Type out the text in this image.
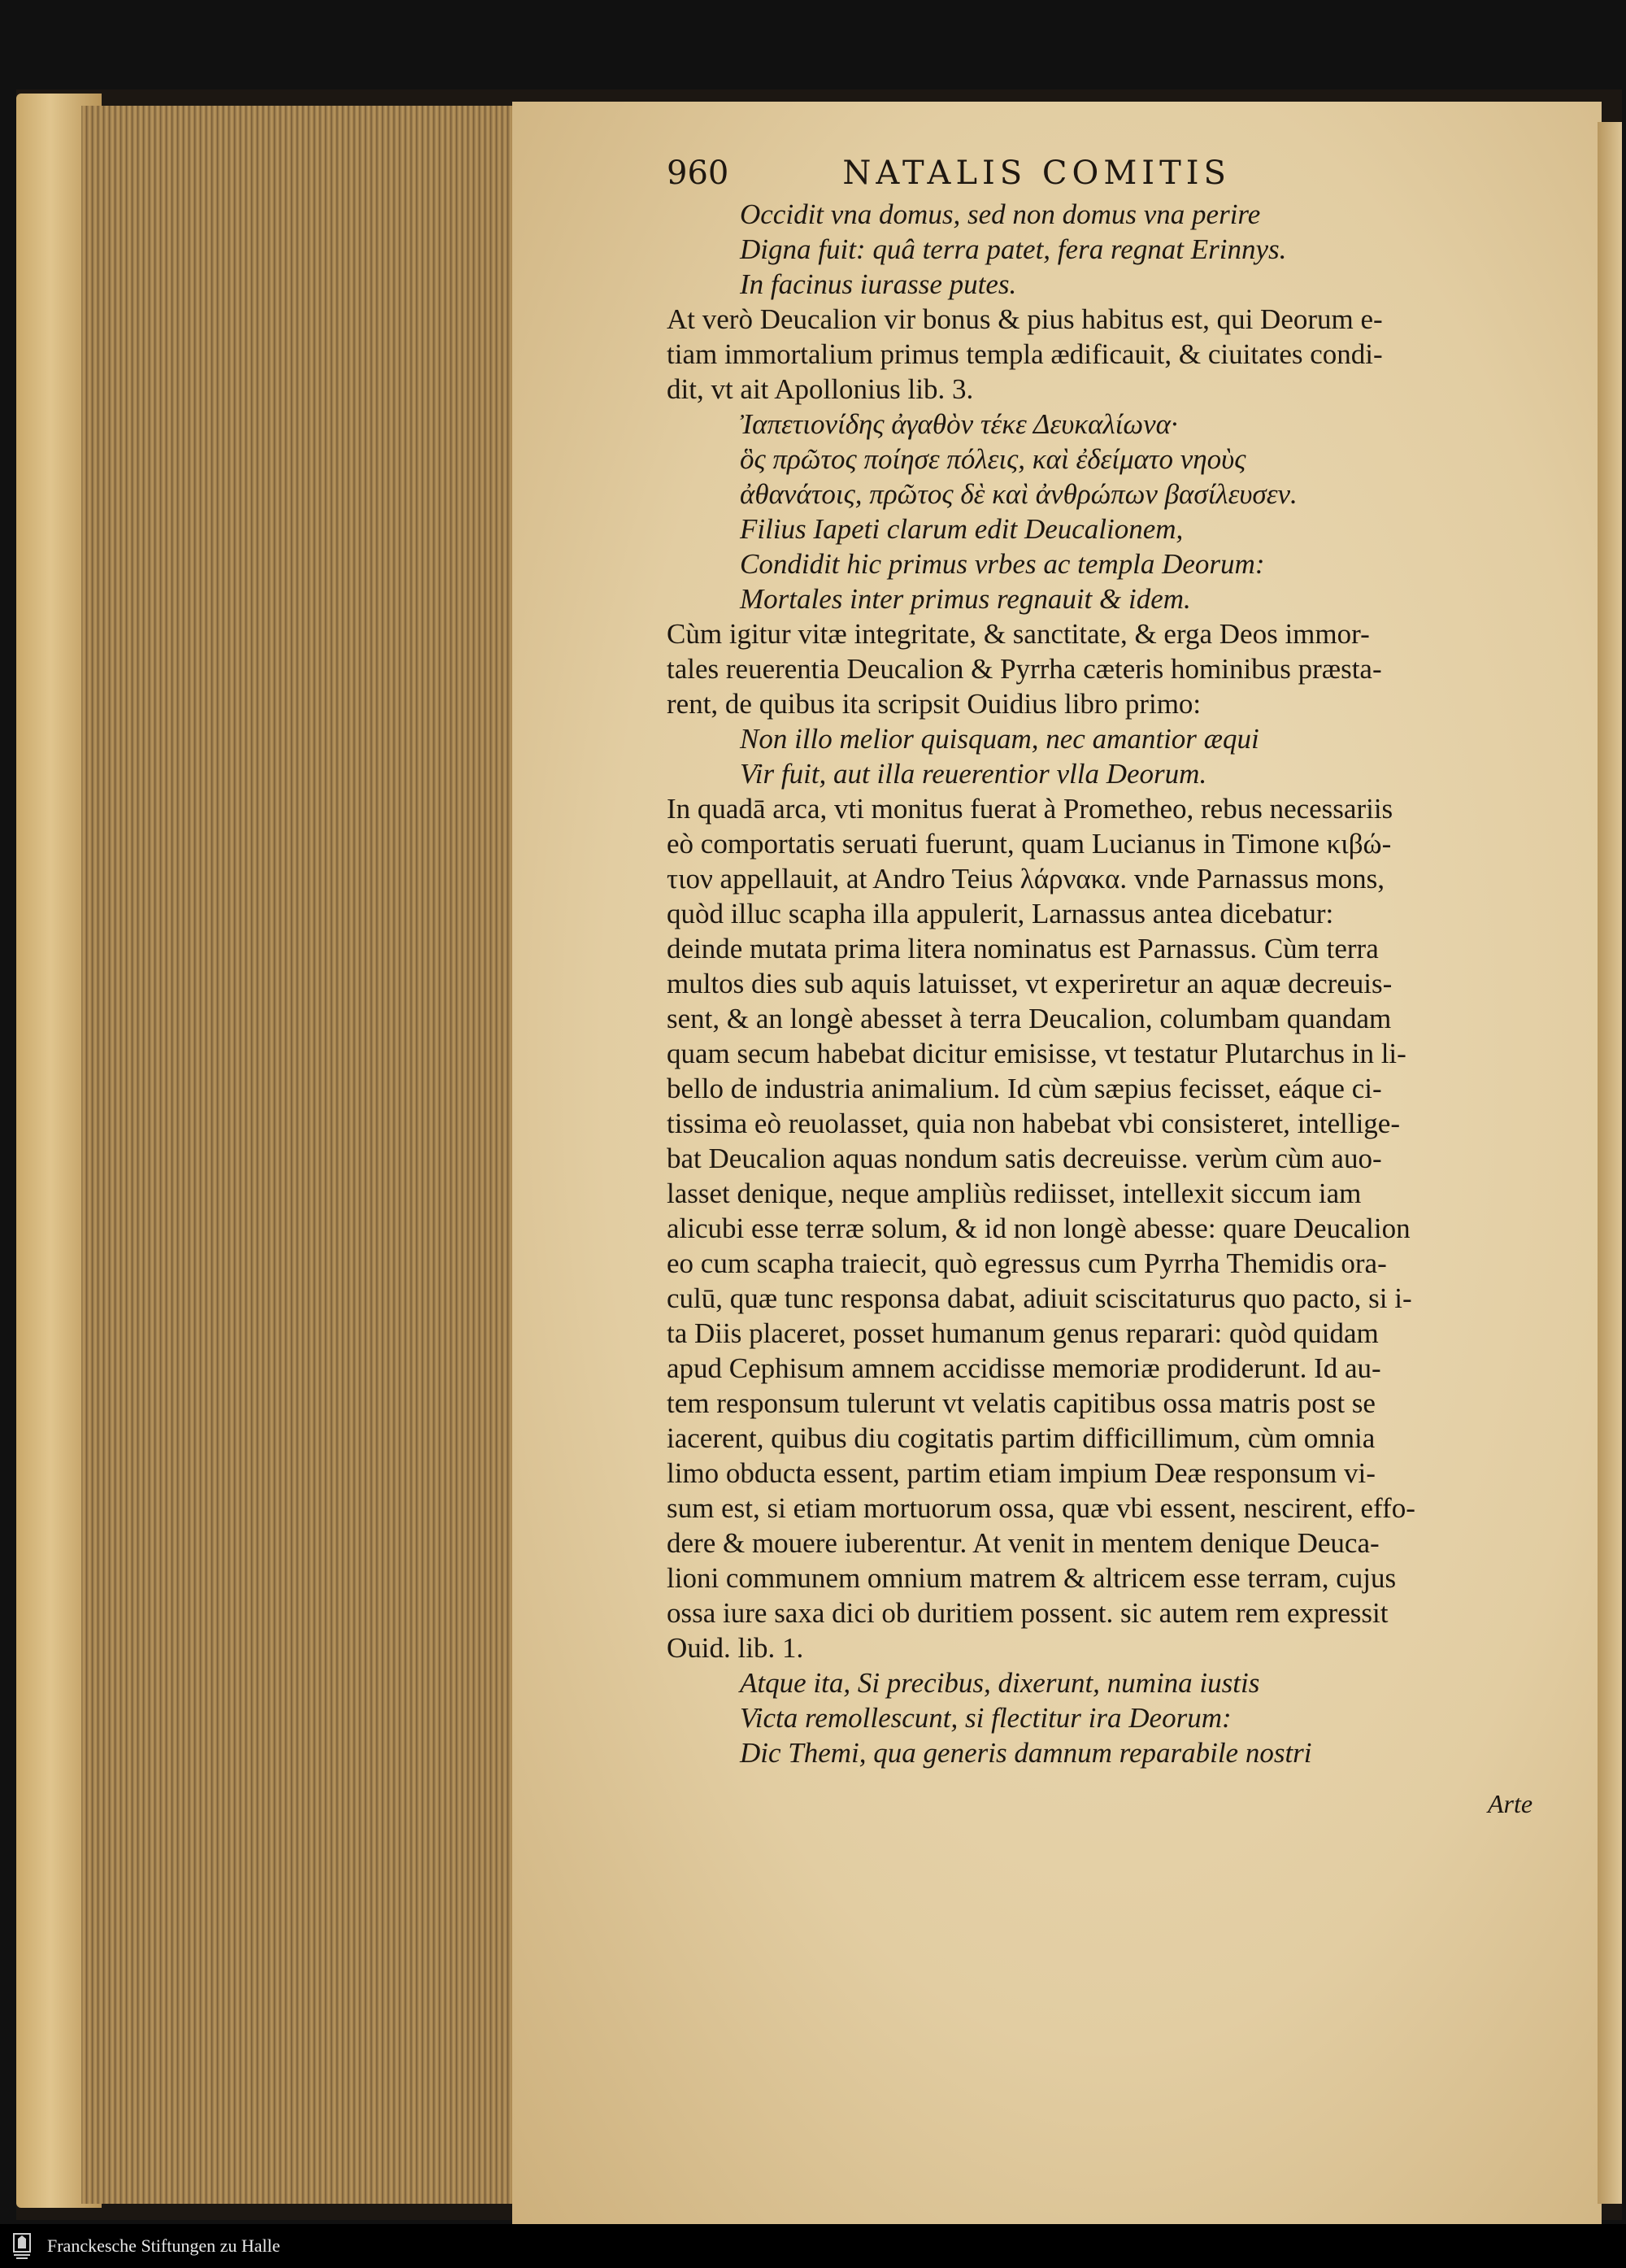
960	NATALIS COMITIS
Occidit vna domus, sed non domus vna perire
Digna fuit: quâ terra patet, fera regnat Erinnys.
In facinus iurasse putes.
At verò Deucalion vir bonus & pius habitus est, qui Deorum e-
tiam immortalium primus templa ædificauit, & ciuitates condi-
dit, vt ait Apollonius lib. 3.
Ἰαπετιονίδης ἀγαθὸν τέκε Δευκαλίωνα·
ὃς πρῶτος ποίησε πόλεις, καὶ ἐδείματο νηοὺς
ἀθανάτοις, πρῶτος δὲ καὶ ἀνθρώπων βασίλευσεν.
Filius Iapeti clarum edit Deucalionem,
Condidit hic primus vrbes ac templa Deorum:
Mortales inter primus regnauit & idem.
Cùm igitur vitæ integritate, & sanctitate, & erga Deos immor-
tales reuerentia Deucalion & Pyrrha cæteris hominibus præsta-
rent, de quibus ita scripsit Ouidius libro primo:
Non illo melior quisquam, nec amantior æqui
Vir fuit, aut illa reuerentior vlla Deorum.
In quadā arca, vti monitus fuerat à Prometheo, rebus necessariis
eò comportatis seruati fuerunt, quam Lucianus in Timone κιβώ-
τιον appellauit, at Andro Teius λάρνακα. vnde Parnassus mons,
quòd illuc scapha illa appulerit, Larnassus antea dicebatur:
deinde mutata prima litera nominatus est Parnassus. Cùm terra
multos dies sub aquis latuisset, vt experiretur an aquæ decreuis-
sent, & an longè abesset à terra Deucalion, columbam quandam
quam secum habebat dicitur emisisse, vt testatur Plutarchus in li-
bello de industria animalium. Id cùm sæpius fecisset, eáque ci-
tissima eò reuolasset, quia non habebat vbi consisteret, intellige-
bat Deucalion aquas nondum satis decreuisse. verùm cùm auo-
lasset denique, neque ampliùs rediisset, intellexit siccum iam
alicubi esse terræ solum, & id non longè abesse: quare Deucalion
eo cum scapha traiecit, quò egressus cum Pyrrha Themidis ora-
culū, quæ tunc responsa dabat, adiuit sciscitaturus quo pacto, si i-
ta Diis placeret, posset humanum genus reparari: quòd quidam
apud Cephisum amnem accidisse memoriæ prodiderunt. Id au-
tem responsum tulerunt vt velatis capitibus ossa matris post se
iacerent, quibus diu cogitatis partim difficillimum, cùm omnia
limo obducta essent, partim etiam impium Deæ responsum vi-
sum est, si etiam mortuorum ossa, quæ vbi essent, nescirent, effo-
dere & mouere iuberentur. At venit in mentem denique Deuca-
lioni communem omnium matrem & altricem esse terram, cujus
ossa iure saxa dici ob duritiem possent. sic autem rem expressit
Ouid. lib. 1.
Atque ita, Si precibus, dixerunt, numina iustis
Victa remollescunt, si flectitur ira Deorum:
Dic Themi, qua generis damnum reparabile nostri
Arte
Franckesche Stiftungen zu Halle
